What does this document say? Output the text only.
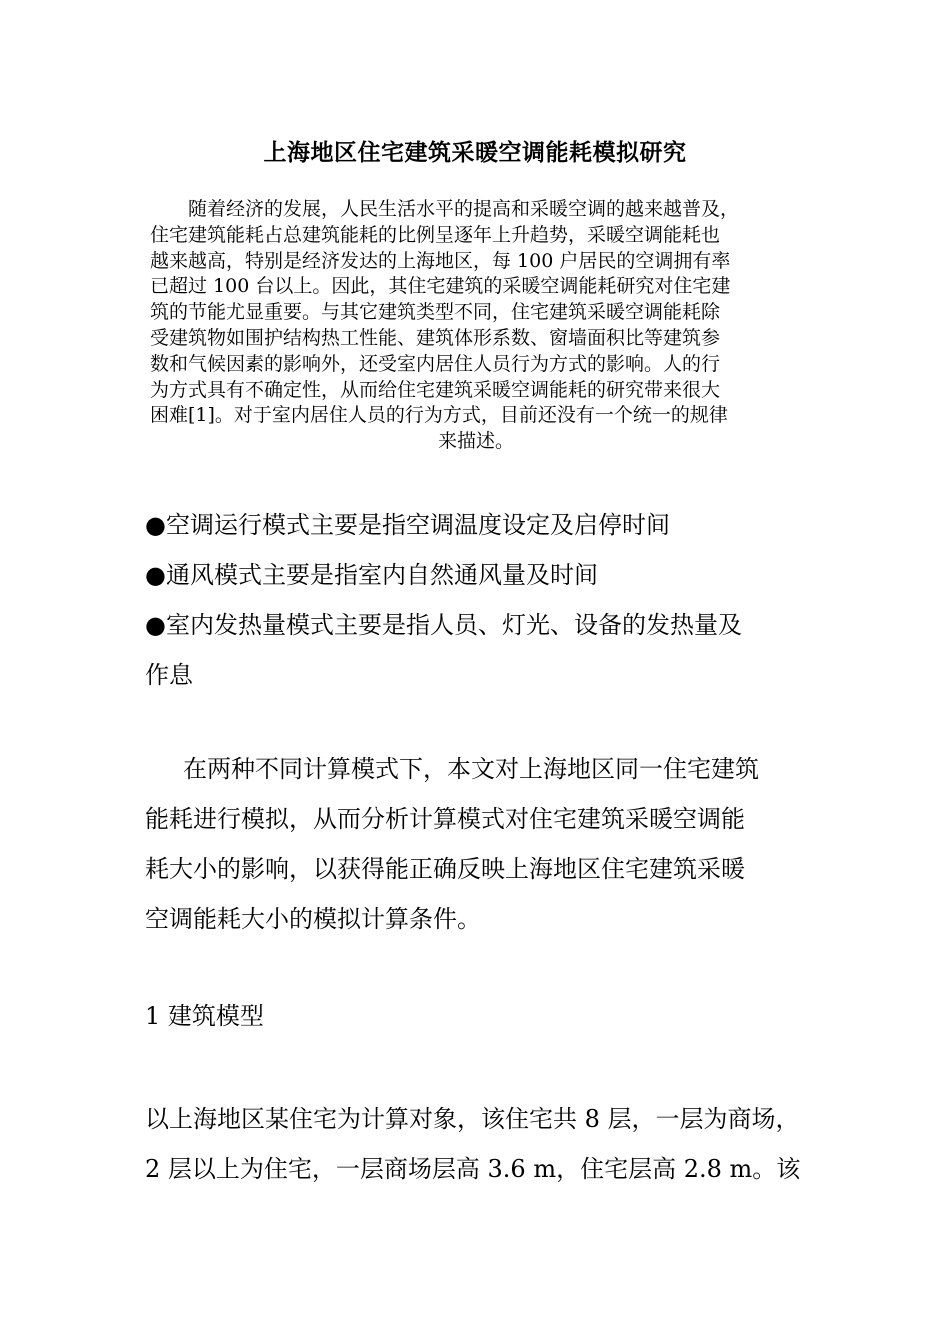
上海地区住宅建筑采暖空调能耗模拟研究
随着经济的发展，人民生活水平的提高和采暖空调的越来越普及，
住宅建筑能耗占总建筑能耗的比例呈逐年上升趋势，采暖空调能耗也
越来越高，特别是经济发达的上海地区，每 100 户居民的空调拥有率
已超过 100 台以上。因此，其住宅建筑的采暖空调能耗研究对住宅建
筑的节能尤显重要。与其它建筑类型不同，住宅建筑采暖空调能耗除
受建筑物如围护结构热工性能、建筑体形系数、窗墙面积比等建筑参
数和气候因素的影响外，还受室内居住人员行为方式的影响。人的行
为方式具有不确定性，从而给住宅建筑采暖空调能耗的研究带来很大
困难[1]。对于室内居住人员的行为方式，目前还没有一个统一的规律
来描述。
●空调运行模式主要是指空调温度设定及启停时间
●通风模式主要是指室内自然通风量及时间
●室内发热量模式主要是指人员、灯光、设备的发热量及
作息
在两种不同计算模式下，本文对上海地区同一住宅建筑
能耗进行模拟，从而分析计算模式对住宅建筑采暖空调能
耗大小的影响，以获得能正确反映上海地区住宅建筑采暖
空调能耗大小的模拟计算条件。
1 建筑模型
以上海地区某住宅为计算对象，该住宅共 8 层，一层为商场，
2 层以上为住宅，一层商场层高 3.6 m，住宅层高 2.8 m。该
